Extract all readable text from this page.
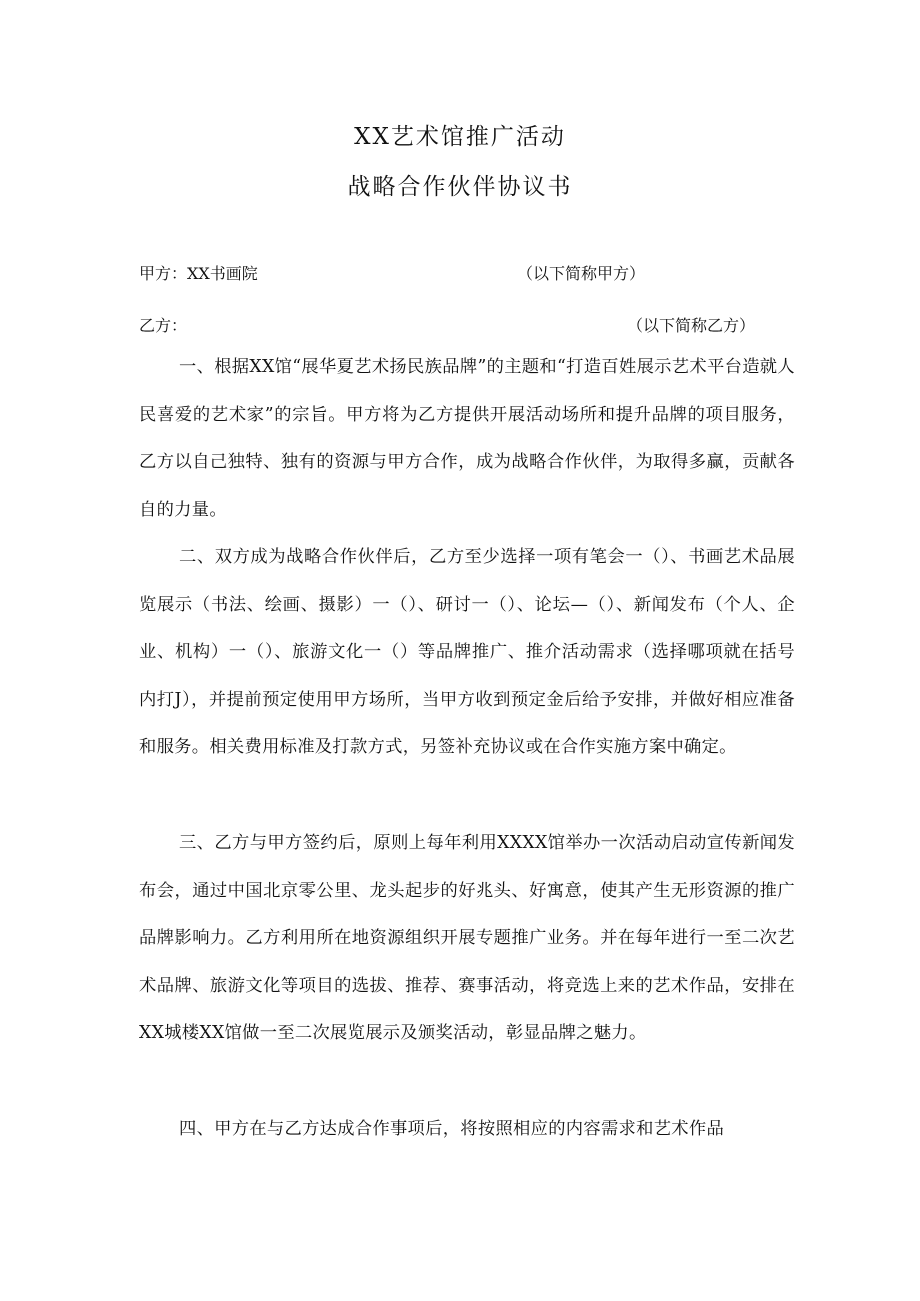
XX艺术馆推广活动
战略合作伙伴协议书
甲方：XX书画院	（以下简称甲方）
乙方：	（以下简称乙方）
一、根据XX馆“展华夏艺术扬民族品牌”的主题和“打造百姓展示艺术平台造就人民喜爱的艺术家”的宗旨。甲方将为乙方提供开展活动场所和提升品牌的项目服务，乙方以自己独特、独有的资源与甲方合作，成为战略合作伙伴，为取得多赢，贡献各自的力量。
二、双方成为战略合作伙伴后，乙方至少选择一项有笔会一（）、书画艺术品展览展示（书法、绘画、摄影）一（）、研讨一（）、论坛—（）、新闻发布（个人、企业、机构）一（）、旅游文化一（）等品牌推广、推介活动需求（选择哪项就在括号内打J），并提前预定使用甲方场所，当甲方收到预定金后给予安排，并做好相应准备和服务。相关费用标准及打款方式，另签补充协议或在合作实施方案中确定。
三、乙方与甲方签约后，原则上每年利用XXXX馆举办一次活动启动宣传新闻发布会，通过中国北京零公里、龙头起步的好兆头、好寓意，使其产生无形资源的推广品牌影响力。乙方利用所在地资源组织开展专题推广业务。并在每年进行一至二次艺术品牌、旅游文化等项目的选拔、推荐、赛事活动，将竞选上来的艺术作品，安排在XX城楼XX馆做一至二次展览展示及颁奖活动，彰显品牌之魅力。
四、甲方在与乙方达成合作事项后，将按照相应的内容需求和艺术作品
